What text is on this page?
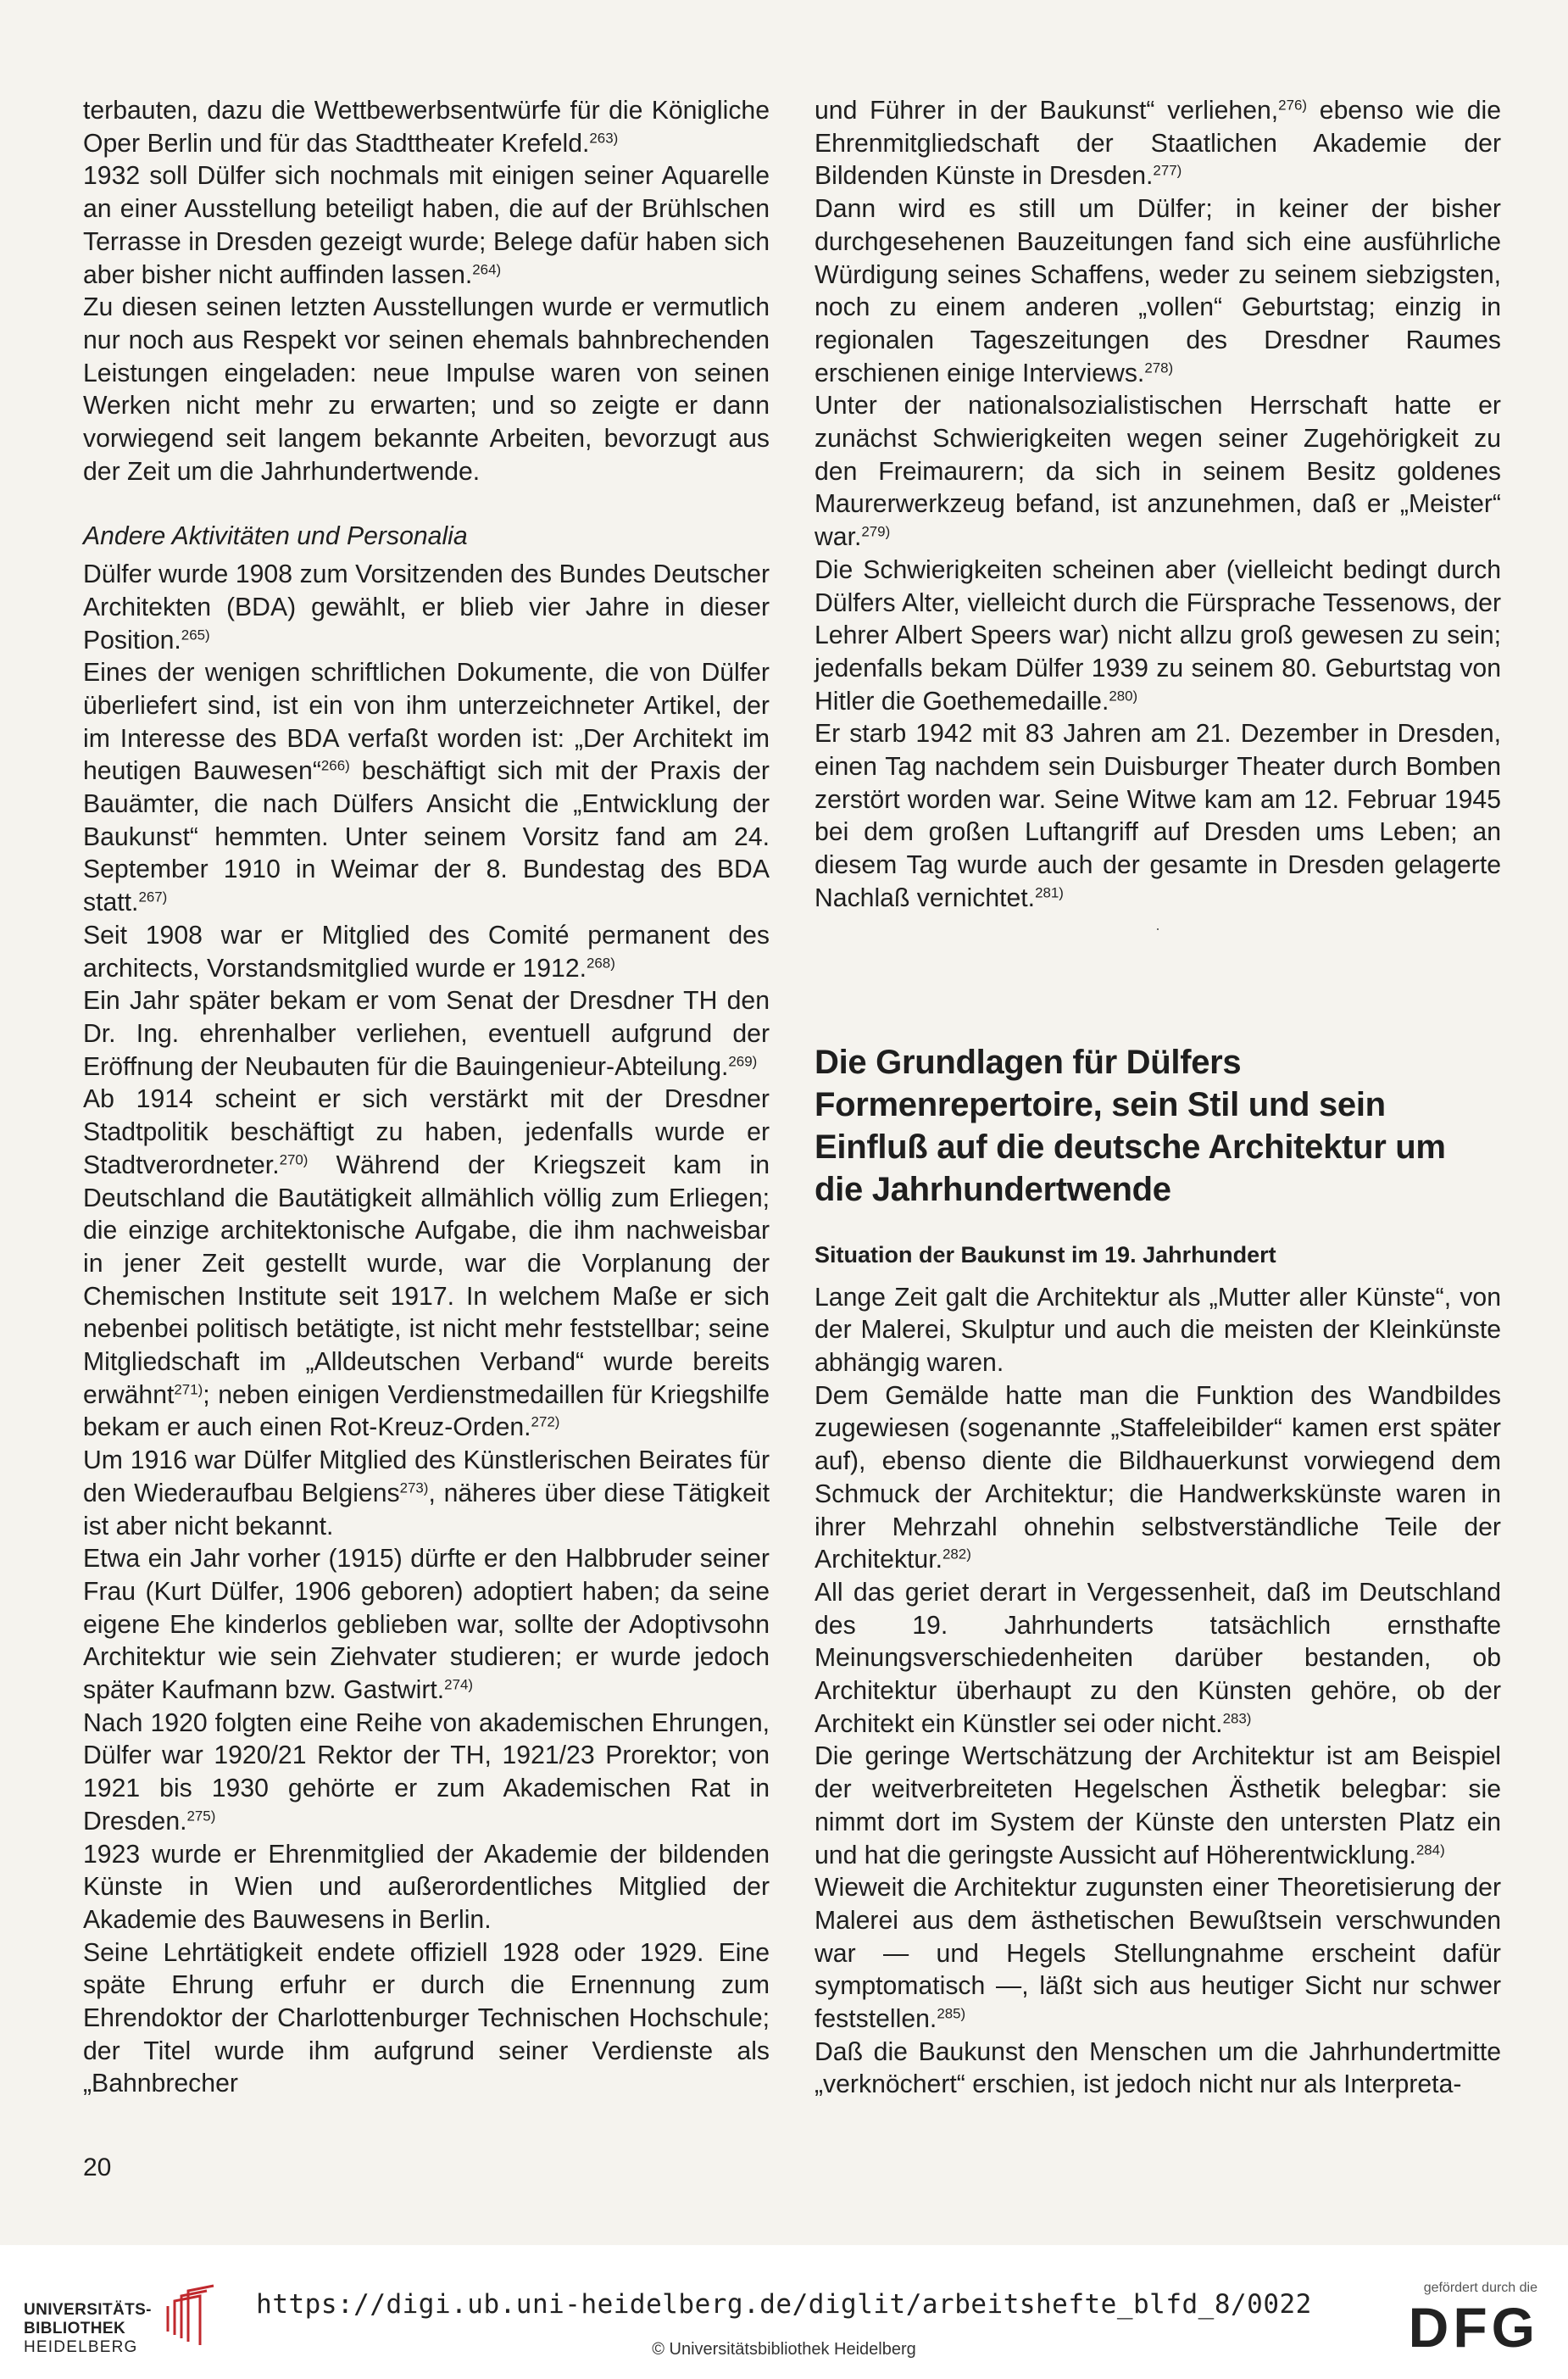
terbauten, dazu die Wettbewerbsentwürfe für die Königliche Oper Berlin und für das Stadttheater Krefeld.$^{263)}$

1932 soll Dülfer sich nochmals mit einigen seiner Aquarelle an einer Ausstellung beteiligt haben, die auf der Brühlschen Terrasse in Dresden gezeigt wurde; Belege dafür haben sich aber bisher nicht auffinden lassen.$^{264)}$

Zu diesen seinen letzten Ausstellungen wurde er vermutlich nur noch aus Respekt vor seinen ehemals bahnbrechenden Leistungen eingeladen: neue Impulse waren von seinen Werken nicht mehr zu erwarten; und so zeigte er dann vorwiegend seit langem bekannte Arbeiten, bevorzugt aus der Zeit um die Jahrhundertwende.

Andere Aktivitäten und Personalia

Dülfer wurde 1908 zum Vorsitzenden des Bundes Deutscher Architekten (BDA) gewählt, er blieb vier Jahre in dieser Position.$^{265)}$

Eines der wenigen schriftlichen Dokumente, die von Dülfer überliefert sind, ist ein von ihm unterzeichneter Artikel, der im Interesse des BDA verfaßt worden ist: „Der Architekt im heutigen Bauwesen“$^{266)}$ beschäftigt sich mit der Praxis der Bauämter, die nach Dülfers Ansicht die „Entwicklung der Baukunst“ hemmten. Unter seinem Vorsitz fand am 24. September 1910 in Weimar der 8. Bundestag des BDA statt.$^{267)}$

Seit 1908 war er Mitglied des Comité permanent des architects, Vorstandsmitglied wurde er 1912.$^{268)}$

Ein Jahr später bekam er vom Senat der Dresdner TH den Dr. Ing. ehrenhalber verliehen, eventuell aufgrund der Eröffnung der Neubauten für die Bauingenieur-Abteilung.$^{269)}$

Ab 1914 scheint er sich verstärkt mit der Dresdner Stadtpolitik beschäftigt zu haben, jedenfalls wurde er Stadtverordneter.$^{270)}$ Während der Kriegszeit kam in Deutschland die Bautätigkeit allmählich völlig zum Erliegen; die einzige architektonische Aufgabe, die ihm nachweisbar in jener Zeit gestellt wurde, war die Vorplanung der Chemischen Institute seit 1917. In welchem Maße er sich nebenbei politisch betätigte, ist nicht mehr feststellbar; seine Mitgliedschaft im „Alldeutschen Verband“ wurde bereits erwähnt$^{271)}$; neben einigen Verdienstmedaillen für Kriegshilfe bekam er auch einen Rot-Kreuz-Orden.$^{272)}$

Um 1916 war Dülfer Mitglied des Künstlerischen Beirates für den Wiederaufbau Belgiens$^{273)}$, näheres über diese Tätigkeit ist aber nicht bekannt.

Etwa ein Jahr vorher (1915) dürfte er den Halbbruder seiner Frau (Kurt Dülfer, 1906 geboren) adoptiert haben; da seine eigene Ehe kinderlos geblieben war, sollte der Adoptivsohn Architektur wie sein Ziehvater studieren; er wurde jedoch später Kaufmann bzw. Gastwirt.$^{274)}$

Nach 1920 folgten eine Reihe von akademischen Ehrungen, Dülfer war 1920/21 Rektor der TH, 1921/23 Prorektor; von 1921 bis 1930 gehörte er zum Akademischen Rat in Dresden.$^{275)}$

1923 wurde er Ehrenmitglied der Akademie der bildenden Künste in Wien und außerordentliches Mitglied der Akademie des Bauwesens in Berlin.

Seine Lehrtätigkeit endete offiziell 1928 oder 1929. Eine späte Ehrung erfuhr er durch die Ernennung zum Ehrendoktor der Charlottenburger Technischen Hochschule; der Titel wurde ihm aufgrund seiner Verdienste als „Bahnbrecher

und Führer in der Baukunst“ verliehen,$^{276)}$ ebenso wie die Ehrenmitgliedschaft der Staatlichen Akademie der Bildenden Künste in Dresden.$^{277)}$

Dann wird es still um Dülfer; in keiner der bisher durchgesehenen Bauzeitungen fand sich eine ausführliche Würdigung seines Schaffens, weder zu seinem siebzigsten, noch zu einem anderen „vollen“ Geburtstag; einzig in regionalen Tageszeitungen des Dresdner Raumes erschienen einige Interviews.$^{278)}$

Unter der nationalsozialistischen Herrschaft hatte er zunächst Schwierigkeiten wegen seiner Zugehörigkeit zu den Freimaurern; da sich in seinem Besitz goldenes Maurerwerkzeug befand, ist anzunehmen, daß er „Meister“ war.$^{279)}$

Die Schwierigkeiten scheinen aber (vielleicht bedingt durch Dülfers Alter, vielleicht durch die Fürsprache Tessenows, der Lehrer Albert Speers war) nicht allzu groß gewesen zu sein; jedenfalls bekam Dülfer 1939 zu seinem 80. Geburtstag von Hitler die Goethemedaille.$^{280)}$

Er starb 1942 mit 83 Jahren am 21. Dezember in Dresden, einen Tag nachdem sein Duisburger Theater durch Bomben zerstört worden war. Seine Witwe kam am 12. Februar 1945 bei dem großen Luftangriff auf Dresden ums Leben; an diesem Tag wurde auch der gesamte in Dresden gelagerte Nachlaß vernichtet.$^{281)}$

·

Die Grundlagen für Dülfers Formenrepertoire, sein Stil und sein Einfluß auf die deutsche Architektur um die Jahrhundertwende

Situation der Baukunst im 19. Jahrhundert

Lange Zeit galt die Architektur als „Mutter aller Künste“, von der Malerei, Skulptur und auch die meisten der Kleinkünste abhängig waren.

Dem Gemälde hatte man die Funktion des Wandbildes zugewiesen (sogenannte „Staffeleibilder“ kamen erst später auf), ebenso diente die Bildhauerkunst vorwiegend dem Schmuck der Architektur; die Handwerkskünste waren in ihrer Mehrzahl ohnehin selbstverständliche Teile der Architektur.$^{282)}$

All das geriet derart in Vergessenheit, daß im Deutschland des 19. Jahrhunderts tatsächlich ernsthafte Meinungsverschiedenheiten darüber bestanden, ob Architektur überhaupt zu den Künsten gehöre, ob der Architekt ein Künstler sei oder nicht.$^{283)}$

Die geringe Wertschätzung der Architektur ist am Beispiel der weitverbreiteten Hegelschen Ästhetik belegbar: sie nimmt dort im System der Künste den untersten Platz ein und hat die geringste Aussicht auf Höherentwicklung.$^{284)}$

Wieweit die Architektur zugunsten einer Theoretisierung der Malerei aus dem ästhetischen Bewußtsein verschwunden war — und Hegels Stellungnahme erscheint dafür symptomatisch —, läßt sich aus heutiger Sicht nur schwer feststellen.$^{285)}$

Daß die Baukunst den Menschen um die Jahrhundertmitte „verknöchert“ erschien, ist jedoch nicht nur als Interpreta-

20
UNIVERSITÄTS-
BIBLIOTHEK
HEIDELBERG
https://digi.ub.uni-heidelberg.de/diglit/arbeitshefte_blfd_8/0022
© Universitätsbibliothek Heidelberg
gefördert durch die
DFG
